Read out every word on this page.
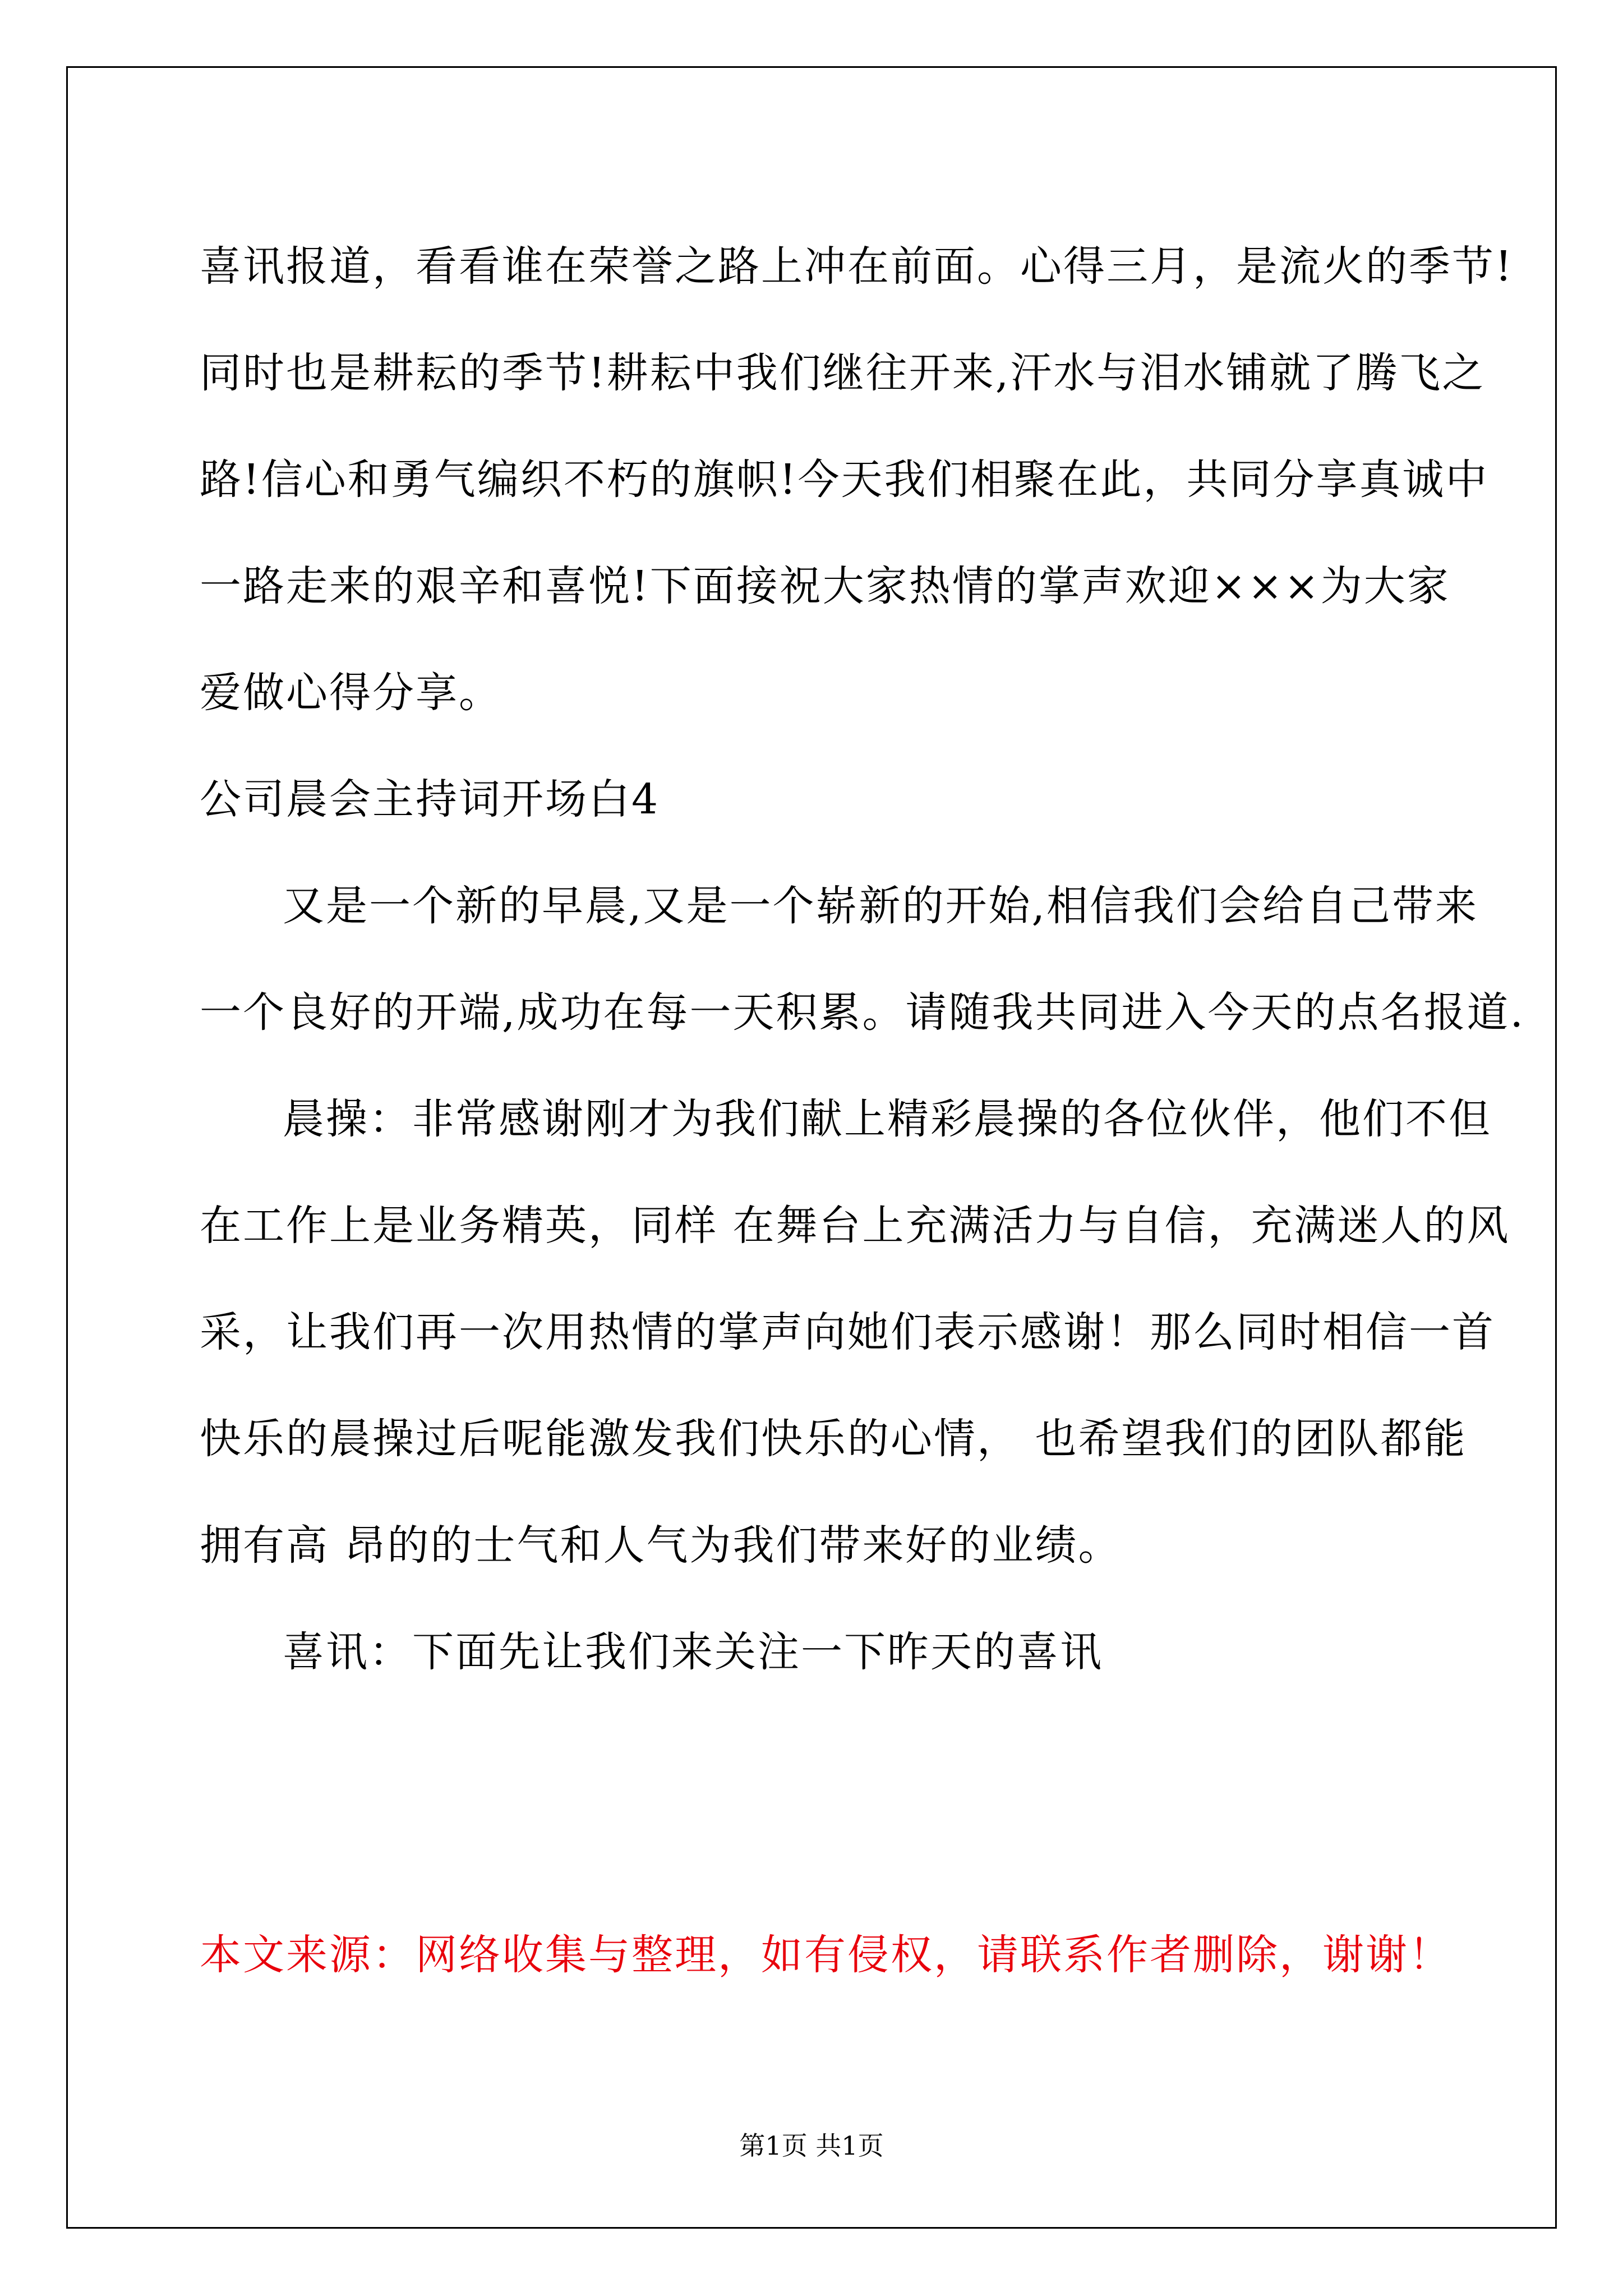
喜讯报道，看看谁在荣誉之路上冲在前面。心得三月，是流火的季节!
同时也是耕耘的季节!耕耘中我们继往开来,汗水与泪水铺就了腾飞之
路!信心和勇气编织不朽的旗帜!今天我们相聚在此，共同分享真诚中
一路走来的艰辛和喜悦!下面接祝大家热情的掌声欢迎×××为大家
爱做心得分享。
公司晨会主持词开场白4
又是一个新的早晨,又是一个崭新的开始,相信我们会给自己带来
一个良好的开端,成功在每一天积累。请随我共同进入今天的点名报道.
晨操：非常感谢刚才为我们献上精彩晨操的各位伙伴，他们不但
在工作上是业务精英，同样 在舞台上充满活力与自信，充满迷人的风
采，让我们再一次用热情的掌声向她们表示感谢！那么同时相信一首
快乐的晨操过后呢能激发我们快乐的心情， 也希望我们的团队都能
拥有高 昂的的士气和人气为我们带来好的业绩。
喜讯：下面先让我们来关注一下昨天的喜讯
本文来源：网络收集与整理，如有侵权，请联系作者删除，谢谢！
第1页 共1页
